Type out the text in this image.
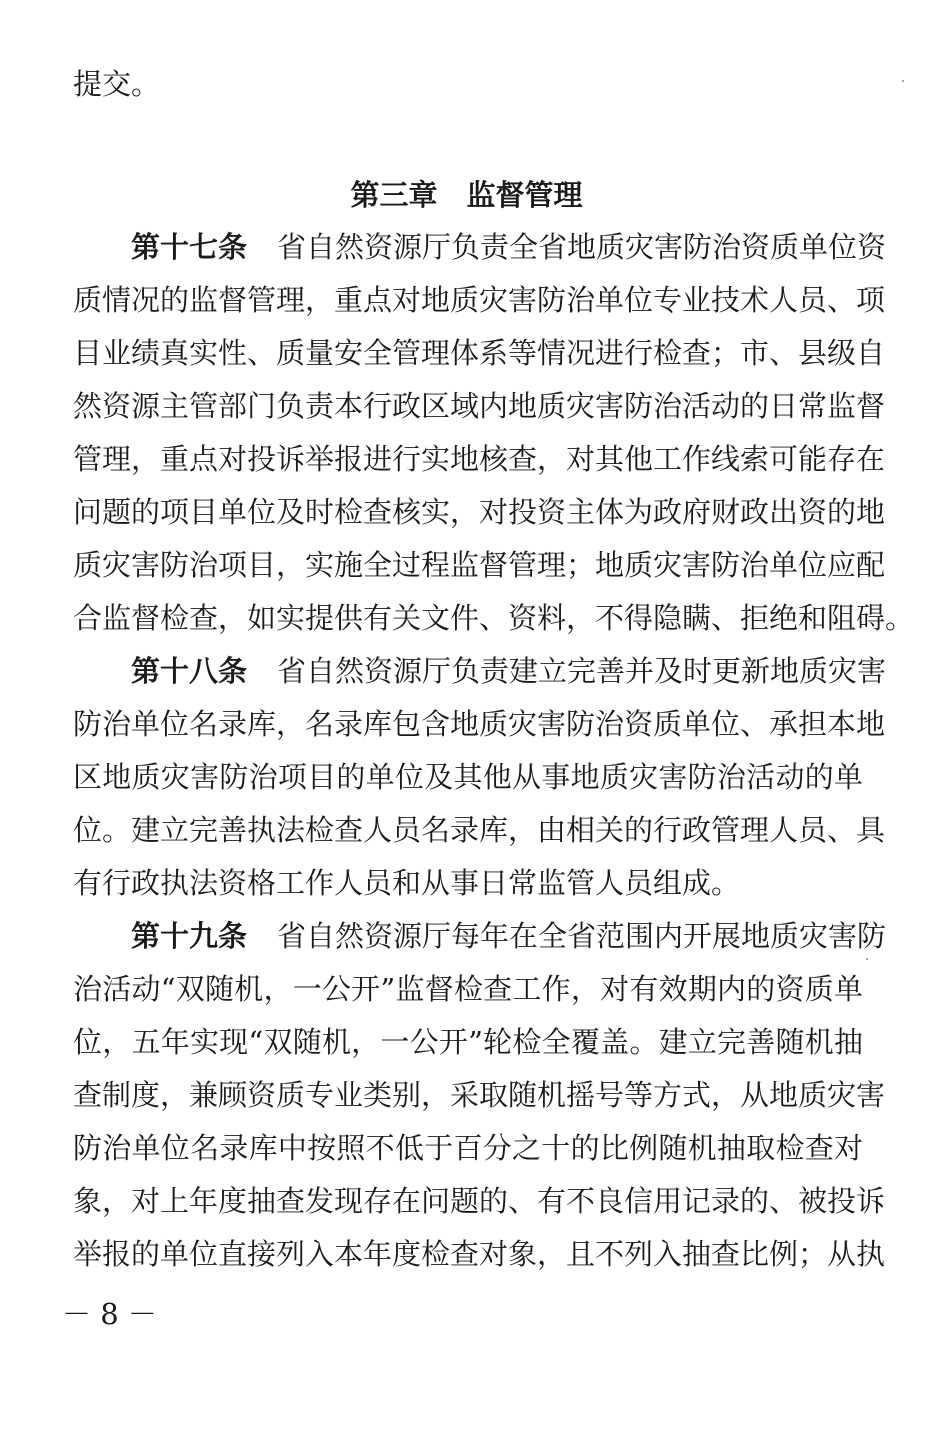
提交。
第三章　监督管理
第十七条 省自然资源厅负责全省地质灾害防治资质单位资
质情况的监督管理，重点对地质灾害防治单位专业技术人员、项
目业绩真实性、质量安全管理体系等情况进行检查；市、县级自
然资源主管部门负责本行政区域内地质灾害防治活动的日常监督
管理，重点对投诉举报进行实地核查，对其他工作线索可能存在
问题的项目单位及时检查核实，对投资主体为政府财政出资的地
质灾害防治项目，实施全过程监督管理；地质灾害防治单位应配
合监督检查，如实提供有关文件、资料，不得隐瞒、拒绝和阻碍。
第十八条 省自然资源厅负责建立完善并及时更新地质灾害
防治单位名录库，名录库包含地质灾害防治资质单位、承担本地
区地质灾害防治项目的单位及其他从事地质灾害防治活动的单
位。建立完善执法检查人员名录库，由相关的行政管理人员、具
有行政执法资格工作人员和从事日常监管人员组成。
第十九条 省自然资源厅每年在全省范围内开展地质灾害防
治活动“双随机，一公开”监督检查工作，对有效期内的资质单
位，五年实现“双随机，一公开”轮检全覆盖。建立完善随机抽
查制度，兼顾资质专业类别，采取随机摇号等方式，从地质灾害
防治单位名录库中按照不低于百分之十的比例随机抽取检查对
象，对上年度抽查发现存在问题的、有不良信用记录的、被投诉
举报的单位直接列入本年度检查对象，且不列入抽查比例；从执
－ 8 －
